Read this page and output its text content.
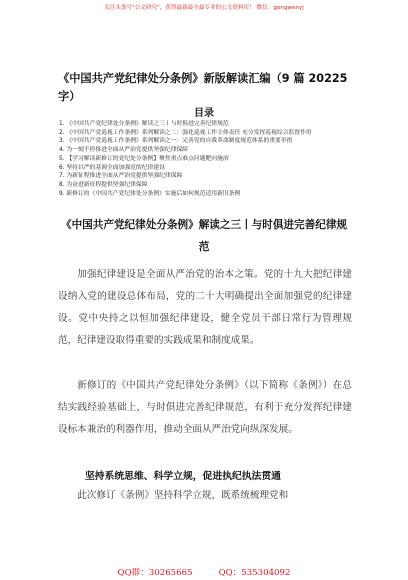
关注头条号"公文研究"，获得最新最全最专业的公文资料库！ 微信：gongwenyj
《中国共产党纪律处分条例》新版解读汇编（9 篇 20225字）
目录
1. 《中国共产党纪律处分条例》解读之三丨与时俱进完善纪律规范
2. 《中国共产党巡视工作条例》系列解读之二：强化巡视工作主体责任 充分发挥巡视综合监督作用
3. 《中国共产党巡视工作条例》系列解读之一：完善党的自我革命制度规范体系的重要举措
4. 为一刻不停推进全面从严治党提供坚强纪律保障
5. 【学习解读新修订的党纪处分条例】聚焦重点难点问题靶向施治
6. 坚持以严的基调全面加强党的纪律建设
7. 为新征程推进全面从严治党提供坚强纪律保障
8. 为奋进新征程提供坚强纪律保障
9. 新修订的《中国共产党纪律处分条例》实施后如何规范适用新旧条例
《中国共产党纪律处分条例》解读之三丨与时俱进完善纪律规范

加强纪律建设是全面从严治党的治本之策。党的十九大把纪律建设纳入党的建设总体布局，党的二十大明确提出全面加强党的纪律建设。党中央持之以恒加强纪律建设，健全党员干部日常行为管理规范，纪律建设取得重要的实践成果和制度成果。

新修订的《中国共产党纪律处分条例》（以下简称《条例》）在总结实践经验基础上，与时俱进完善纪律规范，有利于充分发挥纪律建设标本兼治的利器作用，推动全面从严治党向纵深发展。

坚持系统思维、科学立规，促进执纪执法贯通

此次修订《条例》坚持科学立规，既系统梳理党和

QQ群：30265665	QQ：535304092
